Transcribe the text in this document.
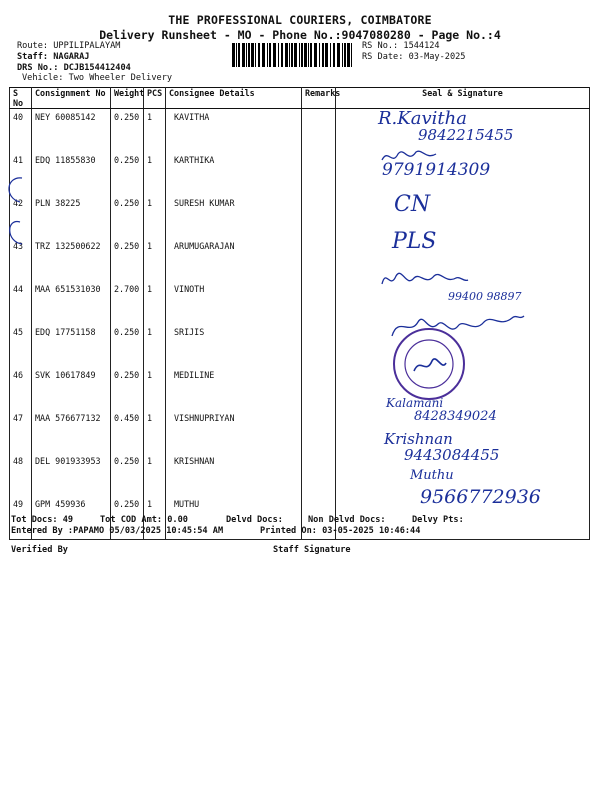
THE PROFESSIONAL COURIERS, COIMBATORE
Delivery Runsheet - MO - Phone No.:9047080280 - Page No.:4
Route: UPPILIPALAYAM
Staff: NAGARAJ
DRS No.: DCJB154412404
Vehicle: Two Wheeler Delivery
RS No.: 1544124
RS Date: 03-May-2025
S No	Consignment No	Weight	PCS	Consignee Details	Remarks	Seal & Signature
40	NEY 60085142	0.250	1	KAVITHA		
41	EDQ 11855830	0.250	1	KARTHIKA		
42	PLN 38225	0.250	1	SURESH KUMAR		
43	TRZ 132500622	0.250	1	ARUMUGARAJAN		
44	MAA 651531030	2.700	1	VINOTH		
45	EDQ 17751158	0.250	1	SRIJIS		
46	SVK 10617849	0.250	1	MEDILINE		
47	MAA 576677132	0.450	1	VISHNUPRIYAN		
48	DEL 901933953	0.250	1	KRISHNAN		
49	GPM 459936	0.250	1	MUTHU		
R.Kavitha
9842215455
9791914309
CN
PLS
99400 98897
Kalamani
8428349024
Krishnan
9443084455
Muthu
9566772936
Tot Docs: 49	Tot COD Amt: 0.00	Delvd Docs:	Non Delvd Docs:	Delvy Pts:
Entered By :PAPAMO 05/03/2025 10:45:54 AM	Printed On: 03-05-2025 10:46:44
Verified By	Staff Signature
